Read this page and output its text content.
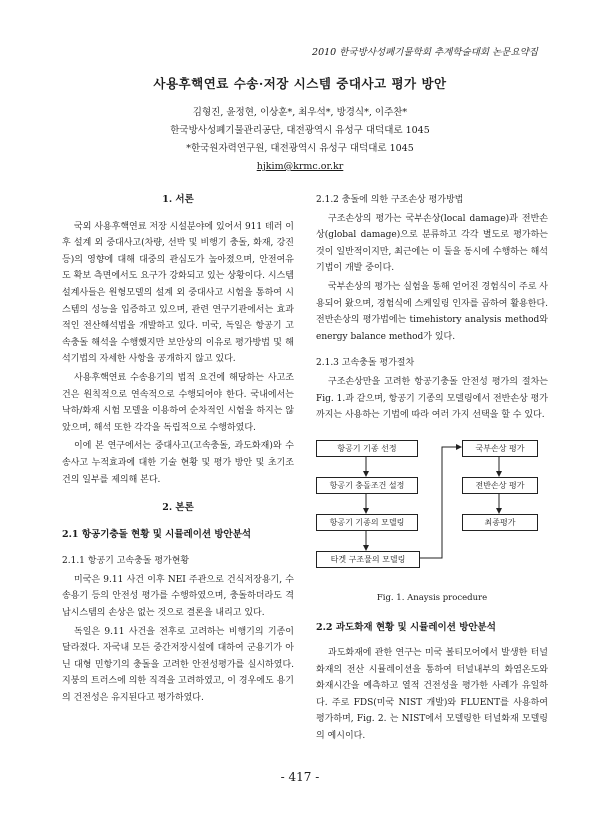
2010 한국방사성폐기물학회 추계학술대회 논문요약집
사용후핵연료 수송·저장 시스템 중대사고 평가 방안
김형진, 윤정현, 이상훈*, 최우석*, 방경식*, 이주찬*
한국방사성폐기물관리공단, 대전광역시 유성구 대덕대로 1045
*한국원자력연구원, 대전광역시 유성구 대덕대로 1045
hjkim@krmc.or.kr
1. 서론

국외 사용후핵연료 저장 시설분야에 있어서 911 테러 이후 설계 외 중대사고(차량, 선박 및 비행기 충돌, 화재, 강진 등)의 영향에 대해 대중의 관심도가 높아졌으며, 안전여유도 확보 측면에서도 요구가 강화되고 있는 상황이다. 시스템 설계사들은 원형모델의 설계 외 중대사고 시험을 통하여 시스템의 성능을 입증하고 있으며, 관련 연구기관에서는 효과적인 전산해석법을 개발하고 있다. 미국, 독일은 항공기 고속충돌 해석을 수행했지만 보안상의 이유로 평가방법 및 해석기법의 자세한 사항을 공개하지 않고 있다.

사용후핵연료 수송용기의 법적 요건에 해당하는 사고조건은 원칙적으로 연속적으로 수행되어야 한다. 국내에서는 낙하/화재 시험 모델을 이용하여 순차적인 시험을 하지는 않았으며, 해석 또한 각각을 독립적으로 수행하였다.

이에 본 연구에서는 중대사고(고속충돌, 과도화재)와 수송사고 누적효과에 대한 기술 현황 및 평가 방안 및 초기조건의 일부를 제의해 본다.

2. 본론
2.1 항공기충돌 현황 및 시뮬레이션 방안분석
2.1.1 항공기 고속충돌 평가현황

미국은 9.11 사건 이후 NEI 주관으로 건식저장용기, 수송용기 등의 안전성 평가를 수행하였으며, 충돌하더라도 격납시스템의 손상은 없는 것으로 결론을 내리고 있다.

독일은 9.11 사건을 전후로 고려하는 비행기의 기종이 달라졌다. 자국내 모든 중간저장시설에 대하여 군용기가 아닌 대형 민항기의 충돌을 고려한 안전성평가를 실시하였다. 지붕의 트러스에 의한 직격을 고려하였고, 이 경우에도 용기의 건전성은 유지된다고 평가하였다.

2.1.2 충돌에 의한 구조손상 평가방법

구조손상의 평가는 국부손상(local damage)과 전반손상(global damage)으로 분류하고 각각 별도로 평가하는 것이 일반적이지만, 최근에는 이 둘을 동시에 수행하는 해석기법이 개발 중이다.

국부손상의 평가는 실험을 통해 얻어진 경험식이 주로 사용되어 왔으며, 경험식에 스케일링 인자를 곱하여 활용한다. 전반손상의 평가법에는 timehistory analysis method와 energy balance method가 있다.

2.1.3 고속충돌 평가절차

구조손상만을 고려한 항공기충돌 안전성 평가의 절차는 Fig. 1.과 같으며, 항공기 기종의 모델링에서 전반손상 평가까지는 사용하는 기법에 따라 여러 가지 선택을 할 수 있다.

항공기 기종 선정
항공기 충돌조건 설정
항공기 기종의 모델링
타겟 구조물의 모델링
국부손상 평가
전반손상 평가
최종평가
Fig. 1. Anaysis procedure
2.2 과도화재 현황 및 시뮬레이션 방안분석

과도화재에 관한 연구는 미국 볼티모어에서 발생한 터널화재의 전산 시뮬레이션을 통하여 터널내부의 화염온도와 화재시간을 예측하고 열적 건전성을 평가한 사례가 유일하다. 주로 FDS(미국 NIST 개발)와 FLUENT를 사용하여 평가하며, Fig. 2. 는 NIST에서 모델링한 터널화재 모델링의 예시이다.

- 417 -
